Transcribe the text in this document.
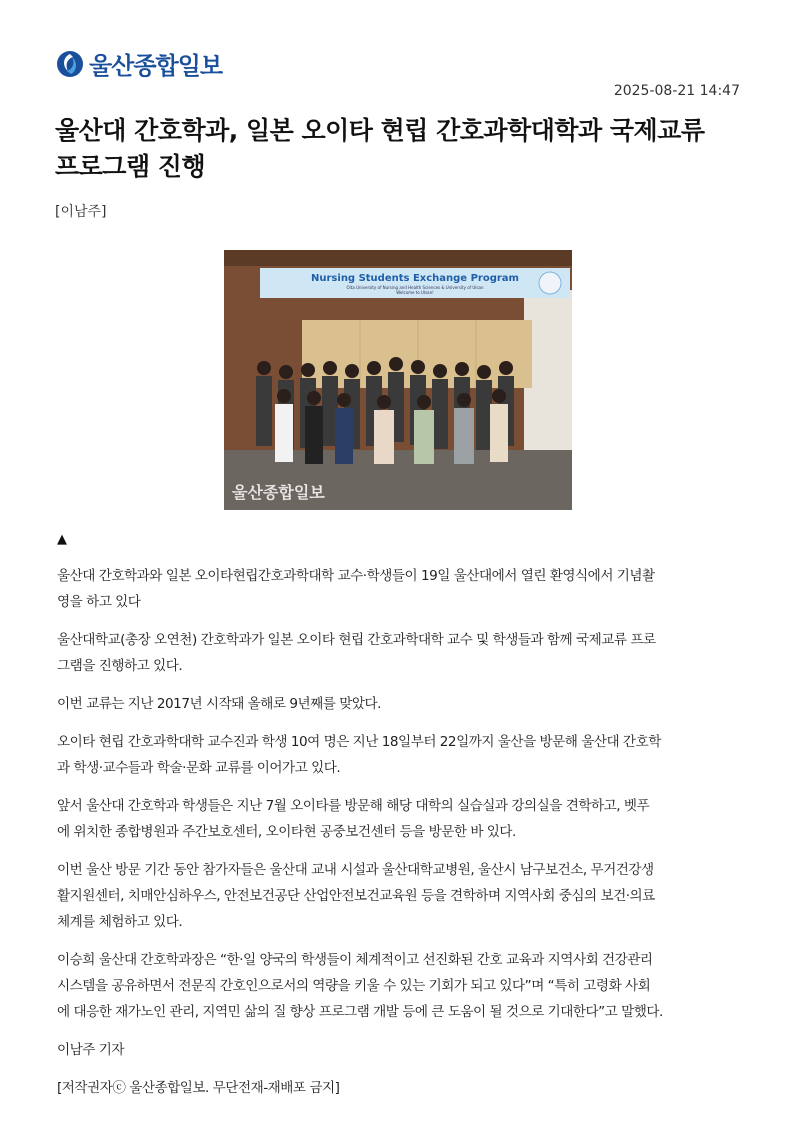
울산종합일보
2025-08-21 14:47
울산대 간호학과, 일본 오이타 현립 간호과학대학과 국제교류
프로그램 진행
[이남주]
Nursing Students Exchange Program
Oita University of Nursing and Health Sciences & University of Ulsan
Welcome to Ulsan!
울산종합일보
▲

울산대 간호학과와 일본 오이타현립간호과학대학 교수·학생들이 19일 울산대에서 열린 환영식에서 기념촬
영을 하고 있다

울산대학교(총장 오연천) 간호학과가 일본 오이타 현립 간호과학대학 교수 및 학생들과 함께 국제교류 프로
그램을 진행하고 있다.

이번 교류는 지난 2017년 시작돼 올해로 9년째를 맞았다.

오이타 현립 간호과학대학 교수진과 학생 10여 명은 지난 18일부터 22일까지 울산을 방문해 울산대 간호학
과 학생·교수들과 학술·문화 교류를 이어가고 있다.

앞서 울산대 간호학과 학생들은 지난 7월 오이타를 방문해 해당 대학의 실습실과 강의실을 견학하고, 벳푸
에 위치한 종합병원과 주간보호센터, 오이타현 공중보건센터 등을 방문한 바 있다.

이번 울산 방문 기간 동안 참가자들은 울산대 교내 시설과 울산대학교병원, 울산시 남구보건소, 무거건강생
활지원센터, 치매안심하우스, 안전보건공단 산업안전보건교육원 등을 견학하며 지역사회 중심의 보건·의료
체계를 체험하고 있다.

이승희 울산대 간호학과장은 “한·일 양국의 학생들이 체계적이고 선진화된 간호 교육과 지역사회 건강관리
시스템을 공유하면서 전문직 간호인으로서의 역량을 키울 수 있는 기회가 되고 있다”며 “특히 고령화 사회
에 대응한 재가노인 관리, 지역민 삶의 질 향상 프로그램 개발 등에 큰 도움이 될 것으로 기대한다”고 말했다.

이남주 기자

[저작권자ⓒ 울산종합일보. 무단전재-재배포 금지]
